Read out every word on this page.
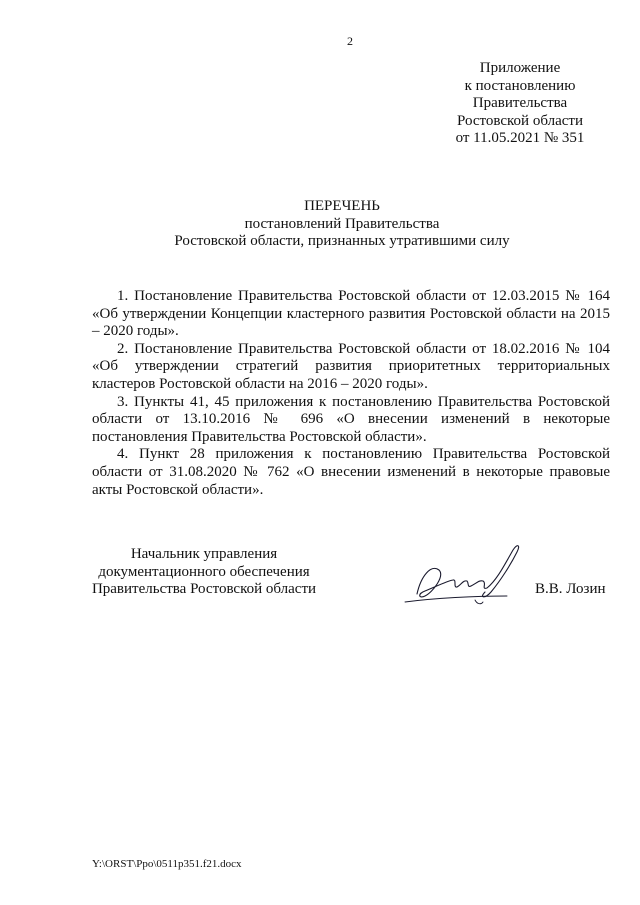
2
Приложение
к постановлению
Правительства
Ростовской области
от 11.05.2021 № 351
ПЕРЕЧЕНЬ
постановлений Правительства
Ростовской области, признанных утратившими силу

1. Постановление Правительства Ростовской области от 12.03.2015 № 164 «Об утверждении Концепции кластерного развития Ростовской области на 2015 – 2020 годы».

2. Постановление Правительства Ростовской области от 18.02.2016 № 104 «Об утверждении стратегий развития приоритетных территориальных кластеров Ростовской области на 2016 – 2020 годы».

3. Пункты 41, 45 приложения к постановлению Правительства Ростовской области от 13.10.2016 № 696 «О внесении изменений в некоторые постановления Правительства Ростовской области».

4. Пункт 28 приложения к постановлению Правительства Ростовской области от 31.08.2020 № 762 «О внесении изменений в некоторые правовые акты Ростовской области».

Начальник управления
документационного обеспечения
Правительства Ростовской области	В.В. Лозин
Y:\ORST\Ppo\0511p351.f21.docx
